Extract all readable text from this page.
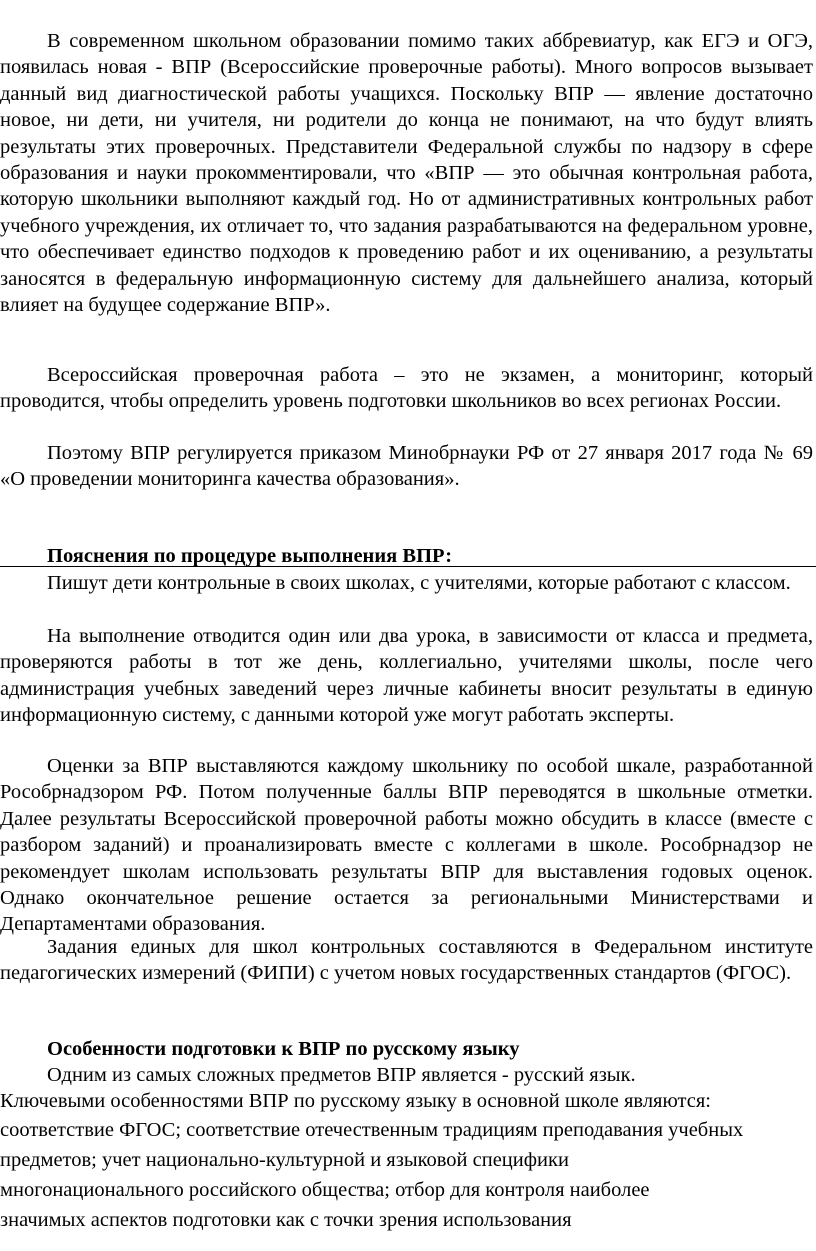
В современном школьном образовании помимо таких аббревиатур, как ЕГЭ и ОГЭ, появилась новая - ВПР (Всероссийские проверочные работы). Много вопросов вызывает данный вид диагностической работы учащихся. Поскольку ВПР — явление достаточно новое, ни дети, ни учителя, ни родители до конца не понимают, на что будут влиять результаты этих проверочных. Представители Федеральной службы по надзору в сфере образования и науки прокомментировали, что «ВПР — это обычная контрольная работа, которую школьники выполняют каждый год. Но от административных контрольных работ учебного учреждения, их отличает то, что задания разрабатываются на федеральном уровне, что обеспечивает единство подходов к проведению работ и их оцениванию, а результаты заносятся в федеральную информационную систему для дальнейшего анализа, который влияет на будущее содержание ВПР».

Всероссийская проверочная работа – это не экзамен, а мониторинг, который проводится, чтобы определить уровень подготовки школьников во всех регионах России.

Поэтому ВПР регулируется приказом Минобрнауки РФ от 27 января 2017 года № 69 «О проведении мониторинга качества образования».

Пояснения по процедуре выполнения ВПР:

Пишут дети контрольные в своих школах, с учителями, которые работают с классом.

На выполнение отводится один или два урока, в зависимости от класса и предмета, проверяются работы в тот же день, коллегиально, учителями школы, после чего администрация учебных заведений через личные кабинеты вносит результаты в единую информационную систему, с данными которой уже могут работать эксперты.

Оценки за ВПР выставляются каждому школьнику по особой шкале, разработанной Рособрнадзором РФ. Потом полученные баллы ВПР переводятся в школьные отметки. Далее результаты Всероссийской проверочной работы можно обсудить в классе (вместе с разбором заданий) и проанализировать вместе с коллегами в школе. Рособрнадзор не рекомендует школам использовать результаты ВПР для выставления годовых оценок. Однако окончательное решение остается за региональными Министерствами и Департаментами образования.

Задания единых для школ контрольных составляются в Федеральном институте педагогических измерений (ФИПИ) с учетом новых государственных стандартов (ФГОС).

Особенности подготовки к ВПР по русскому языку

Одним из самых сложных предметов ВПР является - русский язык.

Ключевыми особенностями ВПР по русскому языку в основной школе являются:

соответствие ФГОС; соответствие отечественным традициям преподавания учебных

предметов; учет национально-культурной и языковой специфики

многонационального российского общества; отбор для контроля наиболее

значимых аспектов подготовки как с точки зрения использования
